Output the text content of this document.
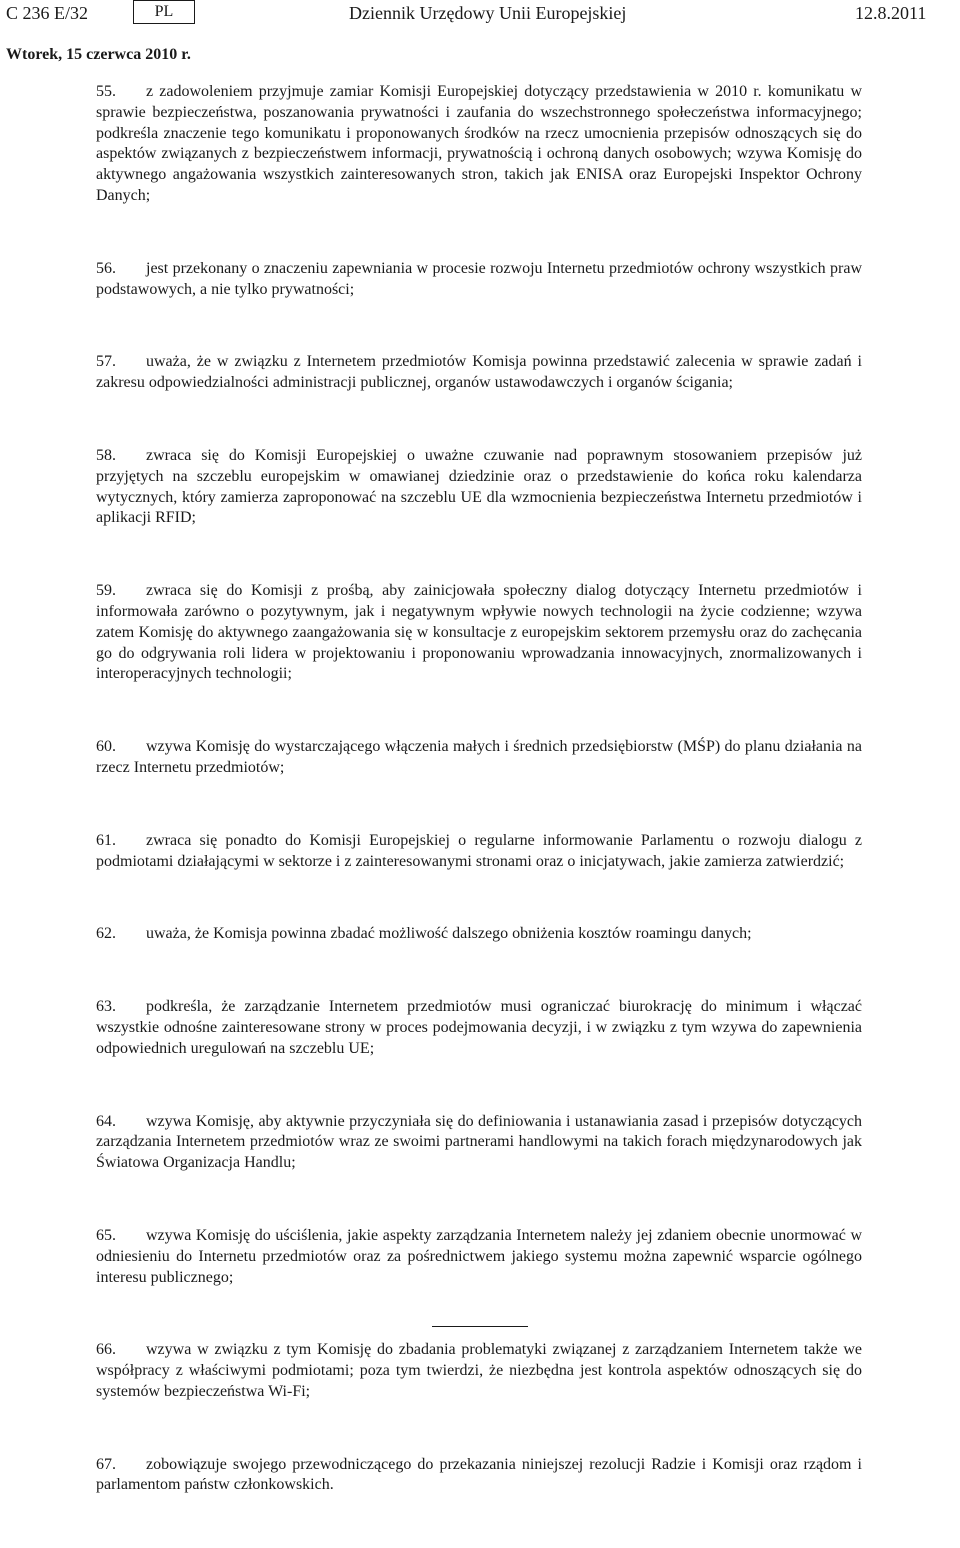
C 236 E/32	PL	Dziennik Urzędowy Unii Europejskiej	12.8.2011
Wtorek, 15 czerwca 2010 r.

55. z zadowoleniem przyjmuje zamiar Komisji Europejskiej dotyczący przedstawienia w 2010 r. komunikatu w sprawie bezpieczeństwa, poszanowania prywatności i zaufania do wszechstronnego społeczeństwa informacyjnego; podkreśla znaczenie tego komunikatu i proponowanych środków na rzecz umocnienia przepisów odnoszących się do aspektów związanych z bezpieczeństwem informacji, prywatnością i ochroną danych osobowych; wzywa Komisję do aktywnego angażowania wszystkich zainteresowanych stron, takich jak ENISA oraz Europejski Inspektor Ochrony Danych;

56. jest przekonany o znaczeniu zapewniania w procesie rozwoju Internetu przedmiotów ochrony wszystkich praw podstawowych, a nie tylko prywatności;

57. uważa, że w związku z Internetem przedmiotów Komisja powinna przedstawić zalecenia w sprawie zadań i zakresu odpowiedzialności administracji publicznej, organów ustawodawczych i organów ścigania;

58. zwraca się do Komisji Europejskiej o uważne czuwanie nad poprawnym stosowaniem przepisów już przyjętych na szczeblu europejskim w omawianej dziedzinie oraz o przedstawienie do końca roku kalendarza wytycznych, który zamierza zaproponować na szczeblu UE dla wzmocnienia bezpieczeństwa Internetu przedmiotów i aplikacji RFID;

59. zwraca się do Komisji z prośbą, aby zainicjowała społeczny dialog dotyczący Internetu przedmiotów i informowała zarówno o pozytywnym, jak i negatywnym wpływie nowych technologii na życie codzienne; wzywa zatem Komisję do aktywnego zaangażowania się w konsultacje z europejskim sektorem przemysłu oraz do zachęcania go do odgrywania roli lidera w projektowaniu i proponowaniu wprowadzania innowacyjnych, znormalizowanych i interoperacyjnych technologii;

60. wzywa Komisję do wystarczającego włączenia małych i średnich przedsiębiorstw (MŚP) do planu działania na rzecz Internetu przedmiotów;

61. zwraca się ponadto do Komisji Europejskiej o regularne informowanie Parlamentu o rozwoju dialogu z podmiotami działającymi w sektorze i z zainteresowanymi stronami oraz o inicjatywach, jakie zamierza zatwierdzić;

62. uważa, że Komisja powinna zbadać możliwość dalszego obniżenia kosztów roamingu danych;

63. podkreśla, że zarządzanie Internetem przedmiotów musi ograniczać biurokrację do minimum i włączać wszystkie odnośne zainteresowane strony w proces podejmowania decyzji, i w związku z tym wzywa do zapewnienia odpowiednich uregulowań na szczeblu UE;

64. wzywa Komisję, aby aktywnie przyczyniała się do definiowania i ustanawiania zasad i przepisów dotyczących zarządzania Internetem przedmiotów wraz ze swoimi partnerami handlowymi na takich forach międzynarodowych jak Światowa Organizacja Handlu;

65. wzywa Komisję do uściślenia, jakie aspekty zarządzania Internetem należy jej zdaniem obecnie unormować w odniesieniu do Internetu przedmiotów oraz za pośrednictwem jakiego systemu można zapewnić wsparcie ogólnego interesu publicznego;

66. wzywa w związku z tym Komisję do zbadania problematyki związanej z zarządzaniem Internetem także we współpracy z właściwymi podmiotami; poza tym twierdzi, że niezbędna jest kontrola aspektów odnoszących się do systemów bezpieczeństwa Wi-Fi;

67. zobowiązuje swojego przewodniczącego do przekazania niniejszej rezolucji Radzie i Komisji oraz rządom i parlamentom państw członkowskich.
